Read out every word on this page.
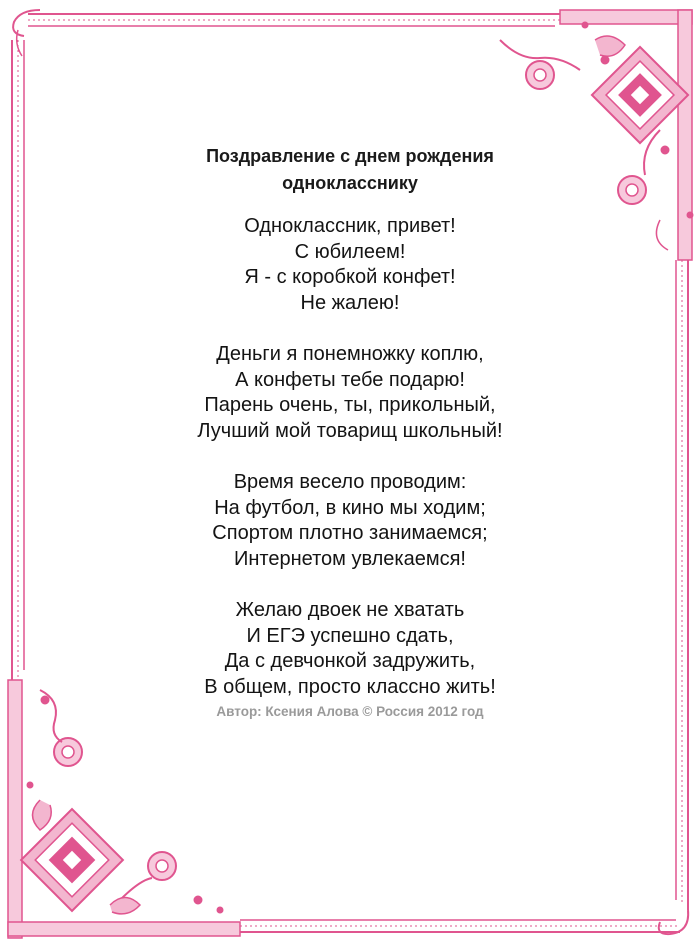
Поздравление с днем рождения
однокласснику
Одноклассник, привет!
С юбилеем!
Я - с коробкой конфет!
Не жалею!
Деньги я понемножку коплю,
А конфеты тебе подарю!
Парень очень, ты, прикольный,
Лучший мой товарищ школьный!
Время весело проводим:
На футбол, в кино мы ходим;
Спортом плотно занимаемся;
Интернетом увлекаемся!
Желаю двоек не хватать
И ЕГЭ успешно сдать,
Да с девчонкой задружить,
В общем, просто классно жить!
Автор: Ксения Алова © Россия 2012 год
